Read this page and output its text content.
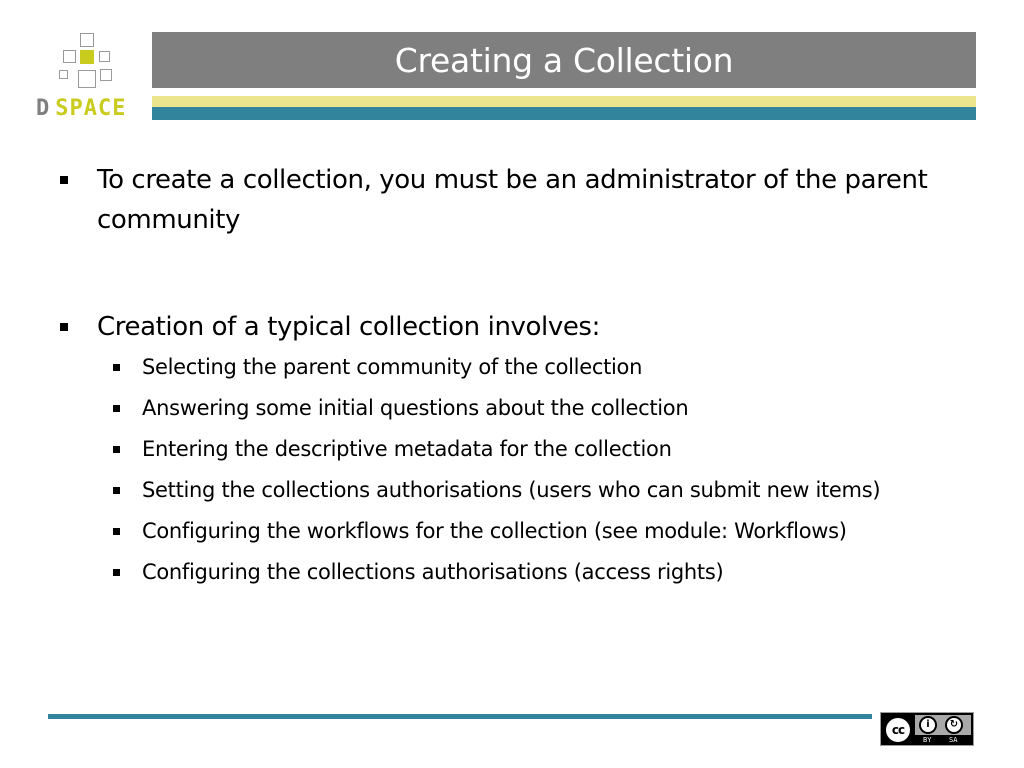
D SPACE
Creating a Collection
To create a collection, you must be an administrator of the parent community
Creation of a typical collection involves:
Selecting the parent community of the collection
Answering some initial questions about the collection
Entering the descriptive metadata for the collection
Setting the collections authorisations (users who can submit new items)
Configuring the workflows for the collection (see module: Workflows)
Configuring the collections authorisations (access rights)
cc	i	↻
BY	SA
